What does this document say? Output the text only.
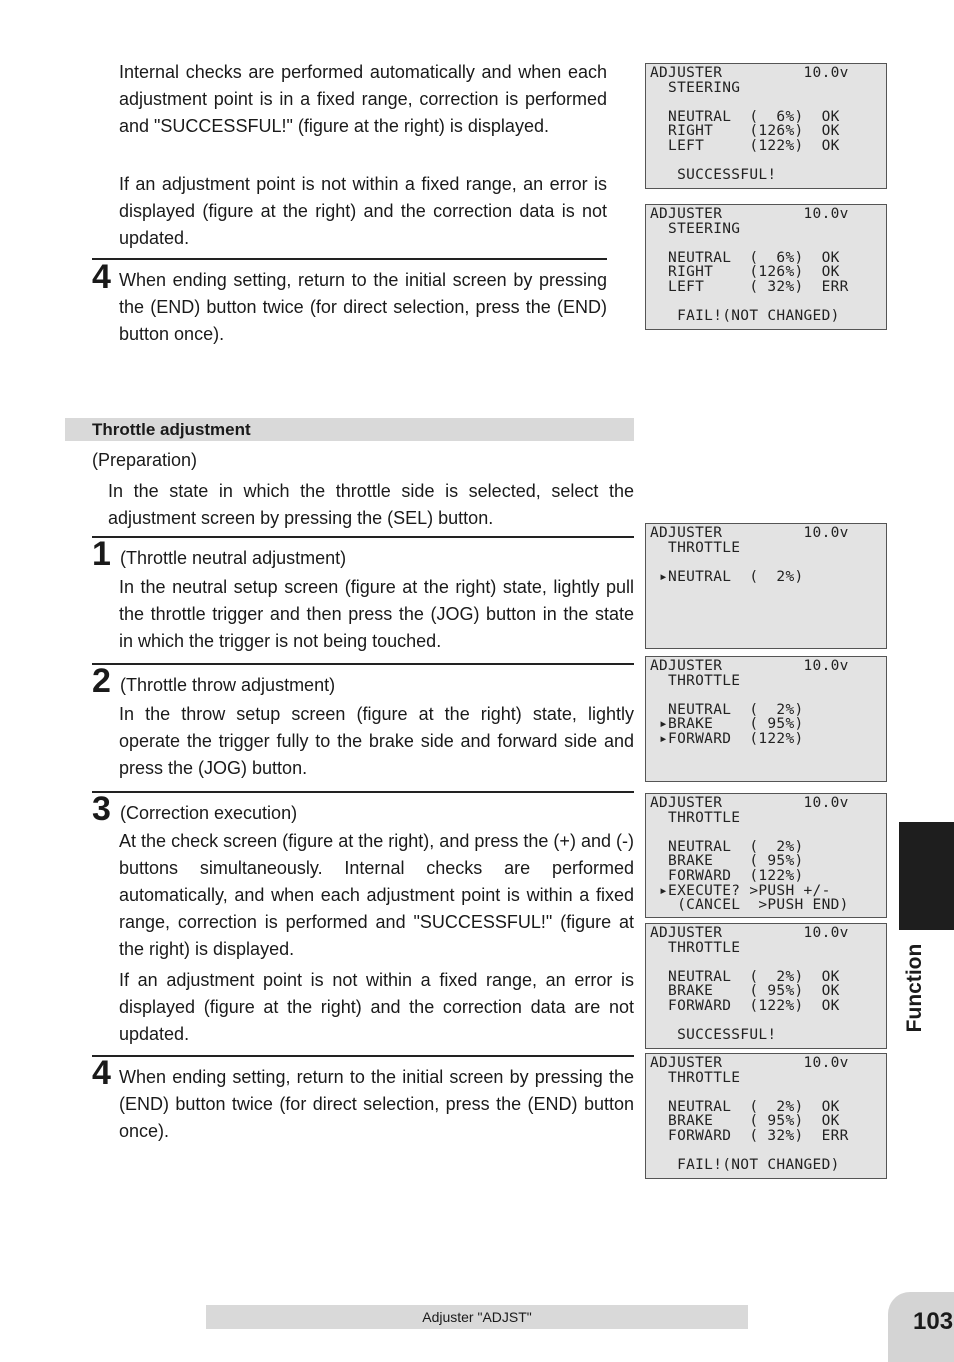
Internal checks are performed automatically and when each adjustment point is in a fixed range, correction is performed and "SUCCESSFUL!" (figure at the right) is displayed.

If an adjustment point is not within a fixed range, an error is displayed (figure at the right) and the correction data is not updated.

4 When ending setting, return to the initial screen by pressing the (END) button twice (for direct selection, press the (END) button once).

Throttle adjustment
(Preparation)

In the state in which the throttle side is selected, select the adjustment screen by pressing the (SEL) button.

1 (Throttle neutral adjustment)

In the neutral setup screen (figure at the right) state, lightly pull the throttle trigger and then press the (JOG) button in the state in which the trigger is not being touched.

2 (Throttle throw adjustment)

In the throw setup screen (figure at the right) state, lightly operate the trigger fully to the brake side and forward side and press the (JOG) button.

3 (Correction execution)

At the check screen (figure at the right), and press the (+) and (-) buttons simultaneously. Internal checks are performed automatically, and when each adjustment point is within a fixed range, correction is performed and "SUCCESSFUL!" (figure at the right) is displayed.

If an adjustment point is not within a fixed range, an error is displayed (figure at the right) and the correction data are not updated.

4 When ending setting, return to the initial screen by pressing the (END) button twice (for direct selection, press the (END) button once).

ADJUSTER         10.0v
STEERING

NEUTRAL  (  6%)  OK
RIGHT    (126%)  OK
LEFT     (122%)  OK

SUCCESSFUL!
ADJUSTER         10.0v
STEERING

NEUTRAL  (  6%)  OK
RIGHT    (126%)  OK
LEFT     ( 32%)  ERR

FAIL!(NOT CHANGED)
ADJUSTER         10.0v
THROTTLE

▸NEUTRAL  (  2%)
ADJUSTER         10.0v
THROTTLE

NEUTRAL  (  2%)
▸BRAKE    ( 95%)
▸FORWARD  (122%)
ADJUSTER         10.0v
THROTTLE

NEUTRAL  (  2%)
BRAKE    ( 95%)
FORWARD  (122%)
▸EXECUTE? >PUSH +/-
(CANCEL  >PUSH END)
ADJUSTER         10.0v
THROTTLE

NEUTRAL  (  2%)  OK
BRAKE    ( 95%)  OK
FORWARD  (122%)  OK

SUCCESSFUL!
ADJUSTER         10.0v
THROTTLE

NEUTRAL  (  2%)  OK
BRAKE    ( 95%)  OK
FORWARD  ( 32%)  ERR

FAIL!(NOT CHANGED)
Function
Adjuster "ADJST"	103
